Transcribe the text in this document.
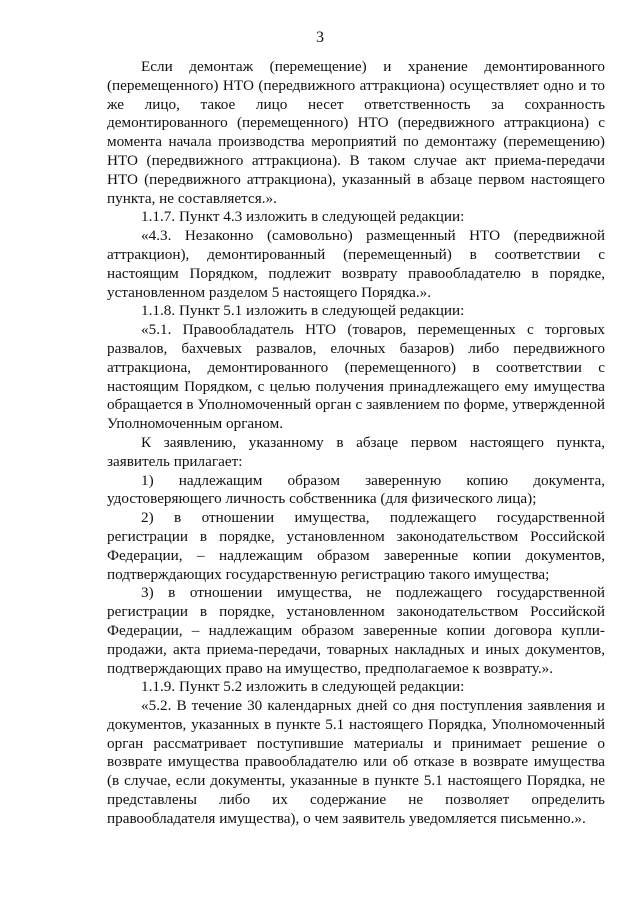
3

Если демонтаж (перемещение) и хранение демонтированного (перемещенного) НТО (передвижного аттракциона) осуществляет одно и то же лицо, такое лицо несет ответственность за сохранность демонтированного (перемещенного) НТО (передвижного аттракциона) с момента начала производства мероприятий по демонтажу (перемещению) НТО (передвижного аттракциона). В таком случае акт приема-передачи НТО (передвижного аттракциона), указанный в абзаце первом настоящего пункта, не составляется.».

1.1.7. Пункт 4.3 изложить в следующей редакции:

«4.3. Незаконно (самовольно) размещенный НТО (передвижной аттракцион), демонтированный (перемещенный) в соответствии с настоящим Порядком, подлежит возврату правообладателю в порядке, установленном разделом 5 настоящего Порядка.».

1.1.8. Пункт 5.1 изложить в следующей редакции:

«5.1. Правообладатель НТО (товаров, перемещенных с торговых развалов, бахчевых развалов, елочных базаров) либо передвижного аттракциона, демонтированного (перемещенного) в соответствии с настоящим Порядком, с целью получения принадлежащего ему имущества обращается в Уполномоченный орган с заявлением по форме, утвержденной Уполномоченным органом.

К заявлению, указанному в абзаце первом настоящего пункта, заявитель прилагает:

1) надлежащим образом заверенную копию документа, удостоверяющего личность собственника (для физического лица);

2) в отношении имущества, подлежащего государственной регистрации в порядке, установленном законодательством Российской Федерации, – надлежащим образом заверенные копии документов, подтверждающих государственную регистрацию такого имущества;

3) в отношении имущества, не подлежащего государственной регистрации в порядке, установленном законодательством Российской Федерации, – надлежащим образом заверенные копии договора купли-продажи, акта приема-передачи, товарных накладных и иных документов, подтверждающих право на имущество, предполагаемое к возврату.».

1.1.9. Пункт 5.2 изложить в следующей редакции:

«5.2. В течение 30 календарных дней со дня поступления заявления и документов, указанных в пункте 5.1 настоящего Порядка, Уполномоченный орган рассматривает поступившие материалы и принимает решение о возврате имущества правообладателю или об отказе в возврате имущества (в случае, если документы, указанные в пункте 5.1 настоящего Порядка, не представлены либо их содержание не позволяет определить правообладателя имущества), о чем заявитель уведомляется письменно.».
